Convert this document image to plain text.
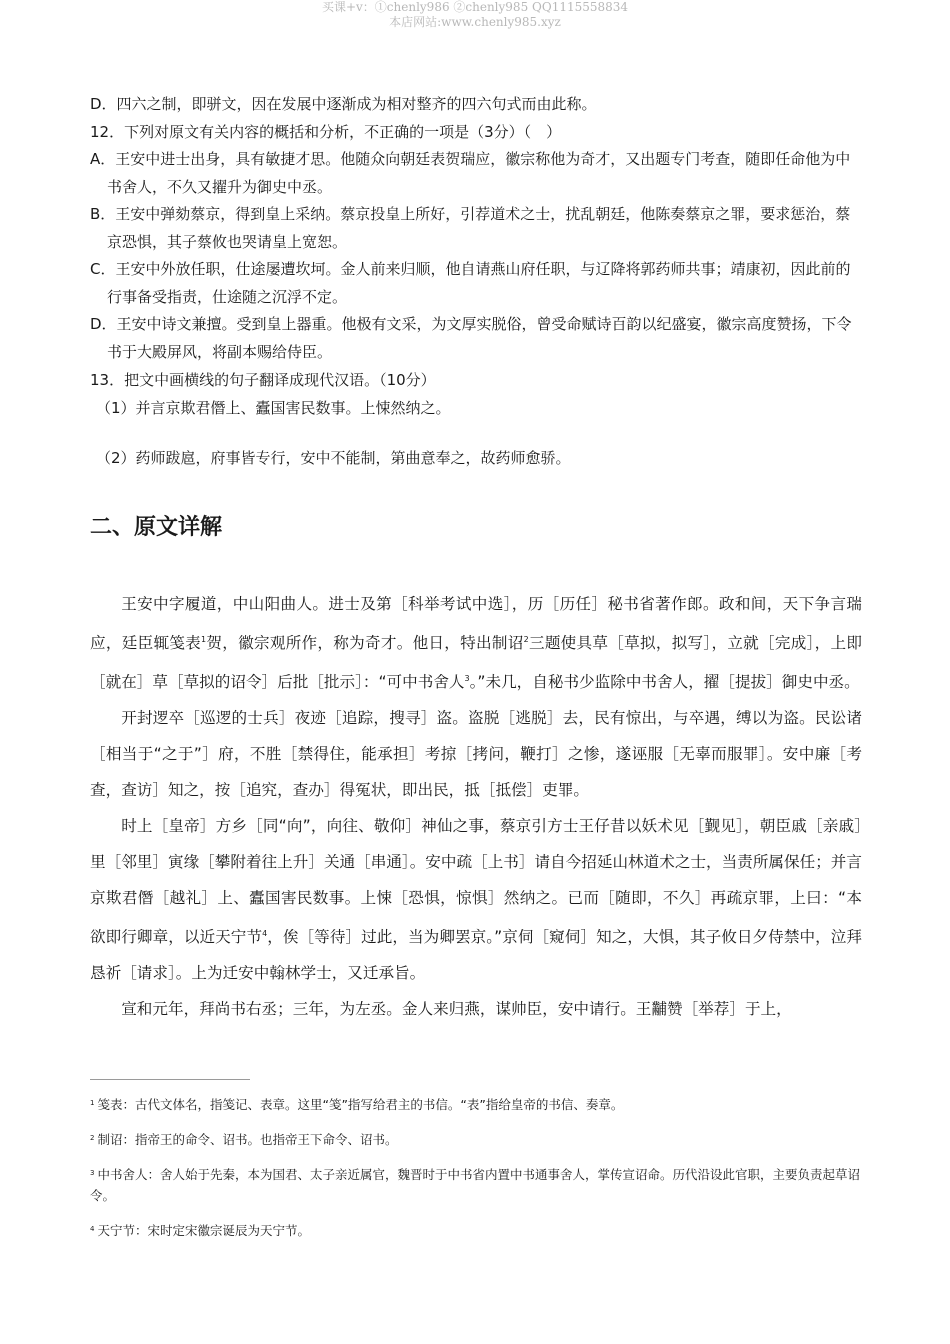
买课+v：①chenly986 ②chenly985 QQ1115558834
本店网站:www.chenly985.xyz
D．四六之制，即骈文，因在发展中逐渐成为相对整齐的四六句式而由此称。
12．下列对原文有关内容的概括和分析，不正确的一项是（3分）（　）
A．王安中进士出身，具有敏捷才思。他随众向朝廷表贺瑞应，徽宗称他为奇才，又出题专门考查，随即任命他为中书舍人，不久又擢升为御史中丞。
B．王安中弹劾蔡京，得到皇上采纳。蔡京投皇上所好，引荐道术之士，扰乱朝廷，他陈奏蔡京之罪，要求惩治，蔡京恐惧，其子蔡攸也哭请皇上宽恕。
C．王安中外放任职，仕途屡遭坎坷。金人前来归顺，他自请燕山府任职，与辽降将郭药师共事；靖康初，因此前的行事备受指责，仕途随之沉浮不定。
D．王安中诗文兼擅。受到皇上器重。他极有文采，为文厚实脱俗，曾受命赋诗百韵以纪盛宴，徽宗高度赞扬，下令书于大殿屏风，将副本赐给侍臣。
13．把文中画横线的句子翻译成现代汉语。（10分）
（1）并言京欺君僭上、蠹国害民数事。上悚然纳之。
（2）药师跋扈，府事皆专行，安中不能制，第曲意奉之，故药师愈骄。
二、原文详解

王安中字履道，中山阳曲人。进士及第［科举考试中选］，历［历任］秘书省著作郎。政和间，天下争言瑞应，廷臣辄笺表$^1$贺，徽宗观所作，称为奇才。他日，特出制诏$^2$三题使具草［草拟，拟写］，立就［完成］，上即［就在］草［草拟的诏令］后批［批示］：“可中书舍人$^3$。”未几，自秘书少监除中书舍人，擢［提拔］御史中丞。

开封逻卒［巡逻的士兵］夜迹［追踪，搜寻］盗。盗脱［逃脱］去，民有惊出，与卒遇，缚以为盗。民讼诸［相当于“之于”］府，不胜［禁得住，能承担］考掠［拷问，鞭打］之惨，遂诬服［无辜而服罪］。安中廉［考查，查访］知之，按［追究，查办］得冤状，即出民，抵［抵偿］吏罪。

时上［皇帝］方乡［同“向”，向往、敬仰］神仙之事，蔡京引方士王仔昔以妖术见［觐见］，朝臣戚［亲戚］里［邻里］寅缘［攀附着往上升］关通［串通］。安中疏［上书］请自今招延山林道术之士，当责所属保任；并言京欺君僭［越礼］上、蠹国害民数事。上悚［恐惧，惊惧］然纳之。已而［随即，不久］再疏京罪，上曰：“本欲即行卿章，以近天宁节$^4$，俟［等待］过此，当为卿罢京。”京伺［窥伺］知之，大惧，其子攸日夕侍禁中，泣拜恳祈［请求］。上为迁安中翰林学士，又迁承旨。

宣和元年，拜尚书右丞；三年，为左丞。金人来归燕，谋帅臣，安中请行。王黼赞［举荐］于上，

$^1$ 笺表：古代文体名，指笺记、表章。这里“笺”指写给君主的书信。“表”指给皇帝的书信、奏章。
$^2$ 制诏：指帝王的命令、诏书。也指帝王下命令、诏书。
$^3$ 中书舍人：舍人始于先秦，本为国君、太子亲近属官，魏晋时于中书省内置中书通事舍人，掌传宣诏命。历代沿设此官职，主要负责起草诏令。
$^4$ 天宁节：宋时定宋徽宗诞辰为天宁节。
